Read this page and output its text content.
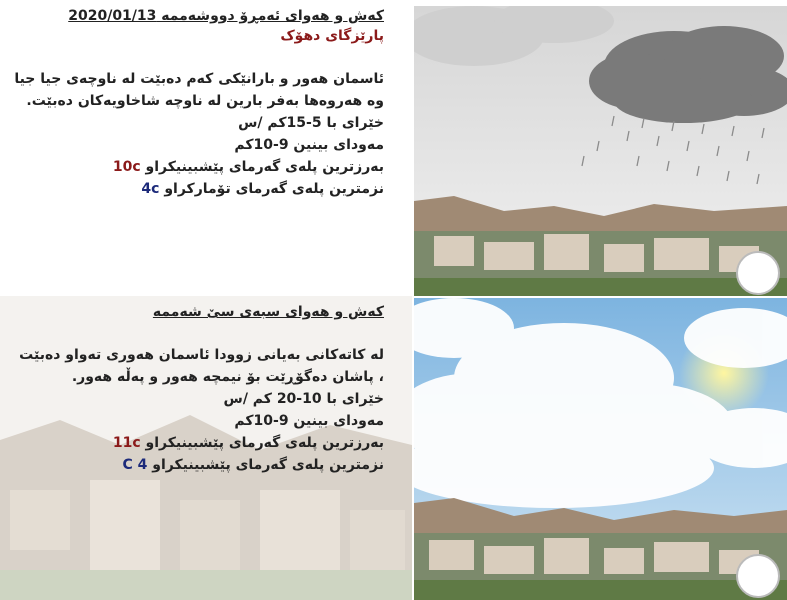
کەش و هەوای ئەمڕۆ دووشەممە 2020/01/13
پارێزگای دهۆک
ئاسمان هەور و بارانێکی کەم دەبێت لە ناوچەی جیا جیا
وە هەروەها بەفر بارین لە ناوچە شاخاویەکان دەبێت.
خێرای با 5-15کم /س
مەودای بینین 9-10کم
بەرزترین پلەی گەرمای پێشبینیکراو 10c
نزمترین پلەی گەرمای تۆمارکراو 4c
کەش و هەوای سبەی سێ شەممە
لە کاتەکانی بەیانی زوودا ئاسمان هەوری تەواو دەبێت
، پاشان دەگۆڕێت بۆ نیمچە هەور و پەڵە هەور.
خێرای با 10-20 کم /س
مەودای بینین 9-10کم
بەرزترین پلەی گەرمای پێشبینیکراو 11c
نزمترین پلەی گەرمای پێشبینیکراو 4 C
